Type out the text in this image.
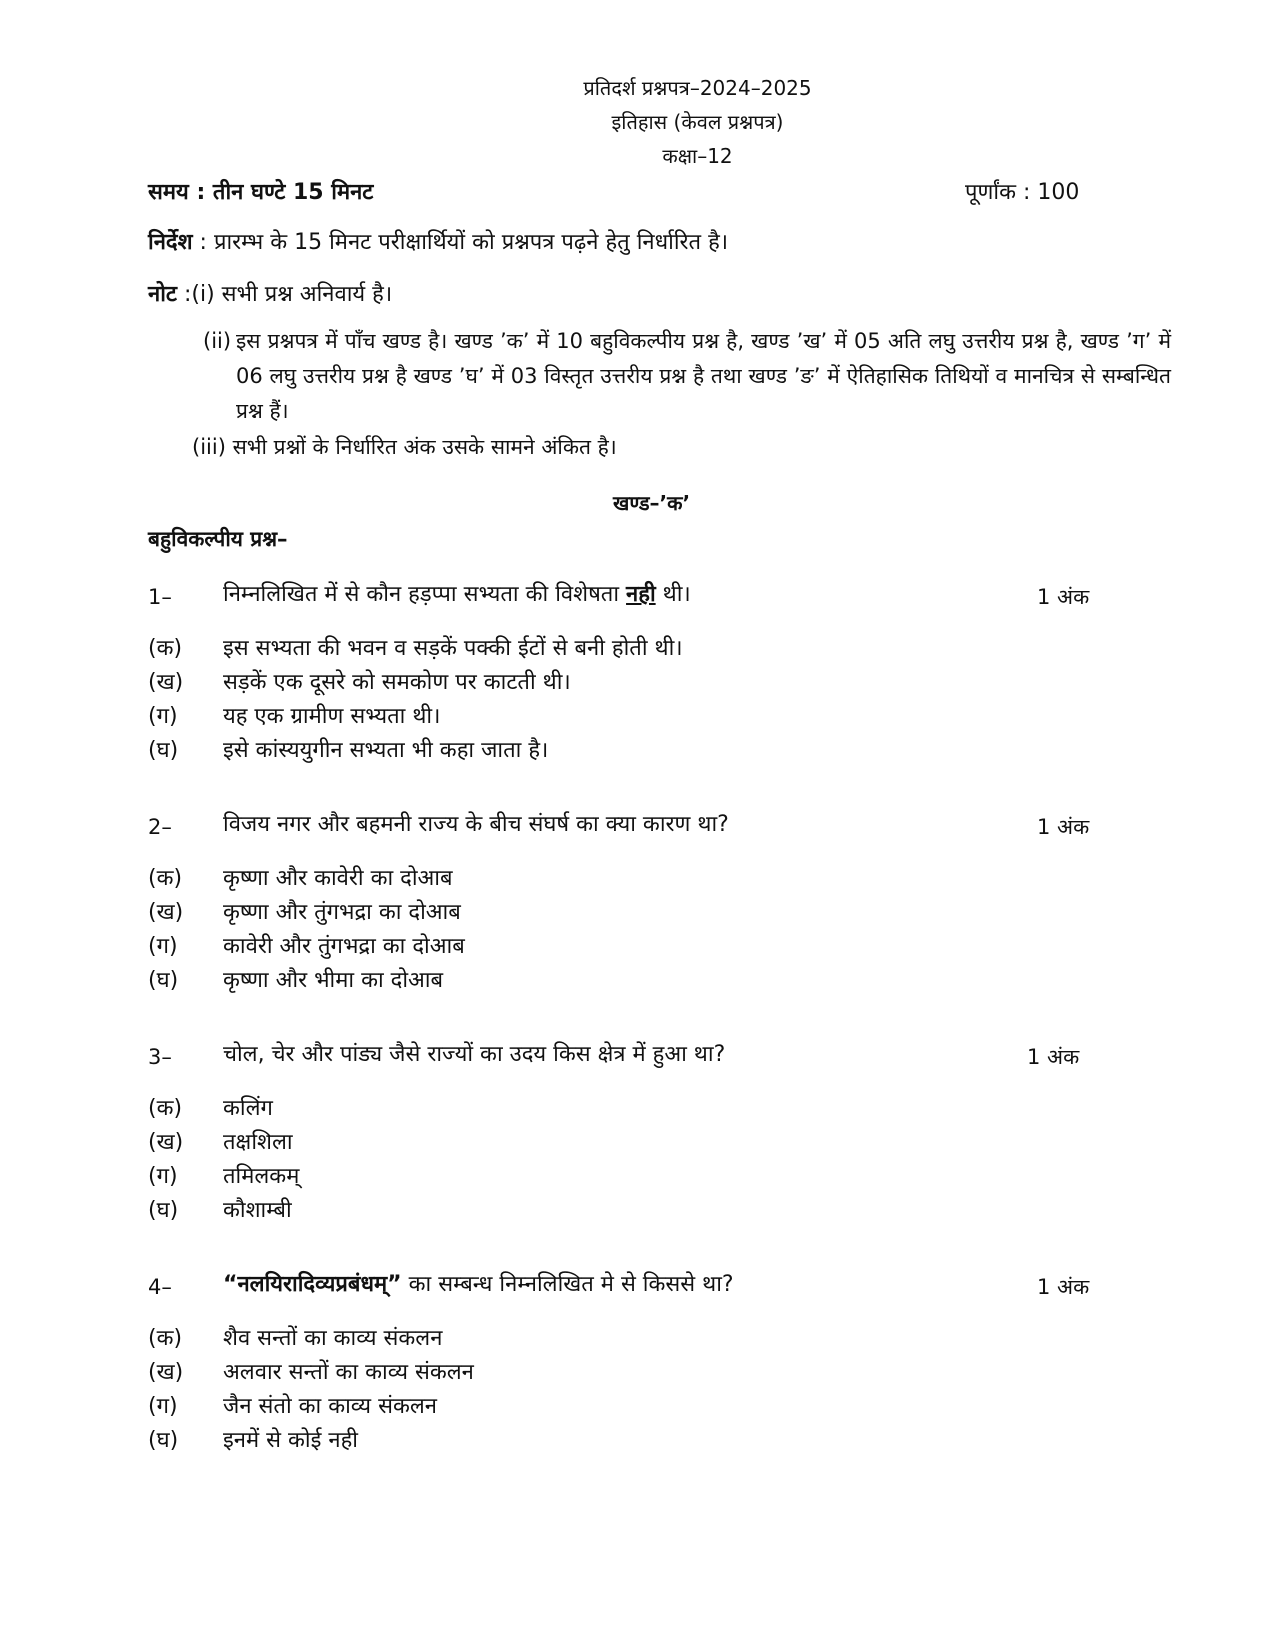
प्रतिदर्श प्रश्नपत्र–2024–2025
इतिहास (केवल प्रश्नपत्र)
कक्षा–12
समय : तीन घण्टे 15 मिनट	पूर्णांक : 100
निर्देश : प्रारम्भ के 15 मिनट परीक्षार्थियों को प्रश्नपत्र पढ़ने हेतु निर्धारित है।
नोट :(i) सभी प्रश्न अनिवार्य है।
(ii) इस प्रश्नपत्र में पाँच खण्ड है। खण्ड ’क’ में 10 बहुविकल्पीय प्रश्न है, खण्ड ’ख’ में 05 अति लघु उत्तरीय प्रश्न है, खण्ड ’ग’ में 06 लघु उत्तरीय प्रश्न है खण्ड ’घ’ में 03 विस्तृत उत्तरीय प्रश्न है तथा खण्ड ’ङ’ में ऐतिहासिक तिथियों व मानचित्र से सम्बन्धित प्रश्न हैं।
(iii) सभी प्रश्नों के निर्धारित अंक उसके सामने अंकित है।
खण्ड–’क’
बहुविकल्पीय प्रश्न–
1–	निम्नलिखित में से कौन हड़प्पा सभ्यता की विशेषता नही थी।	1 अंक
(क) इस सभ्यता की भवन व सड़कें पक्की ईटों से बनी होती थी।
(ख) सड़कें एक दूसरे को समकोण पर काटती थी।
(ग) यह एक ग्रामीण सभ्यता थी।
(घ) इसे कांस्ययुगीन सभ्यता भी कहा जाता है।
2–	विजय नगर और बहमनी राज्य के बीच संघर्ष का क्या कारण था?	1 अंक
(क) कृष्णा और कावेरी का दोआब
(ख) कृष्णा और तुंगभद्रा का दोआब
(ग) कावेरी और तुंगभद्रा का दोआब
(घ) कृष्णा और भीमा का दोआब
3–	चोल, चेर और पांड्य जैसे राज्यों का उदय किस क्षेत्र में हुआ था?	1 अंक
(क) कलिंग
(ख) तक्षशिला
(ग) तमिलकम्
(घ) कौशाम्बी
4–	“नलयिरादिव्यप्रबंधम्” का सम्बन्ध निम्नलिखित मे से किससे था?	1 अंक
(क) शैव सन्तों का काव्य संकलन
(ख) अलवार सन्तों का काव्य संकलन
(ग) जैन संतो का काव्य संकलन
(घ) इनमें से कोई नही
